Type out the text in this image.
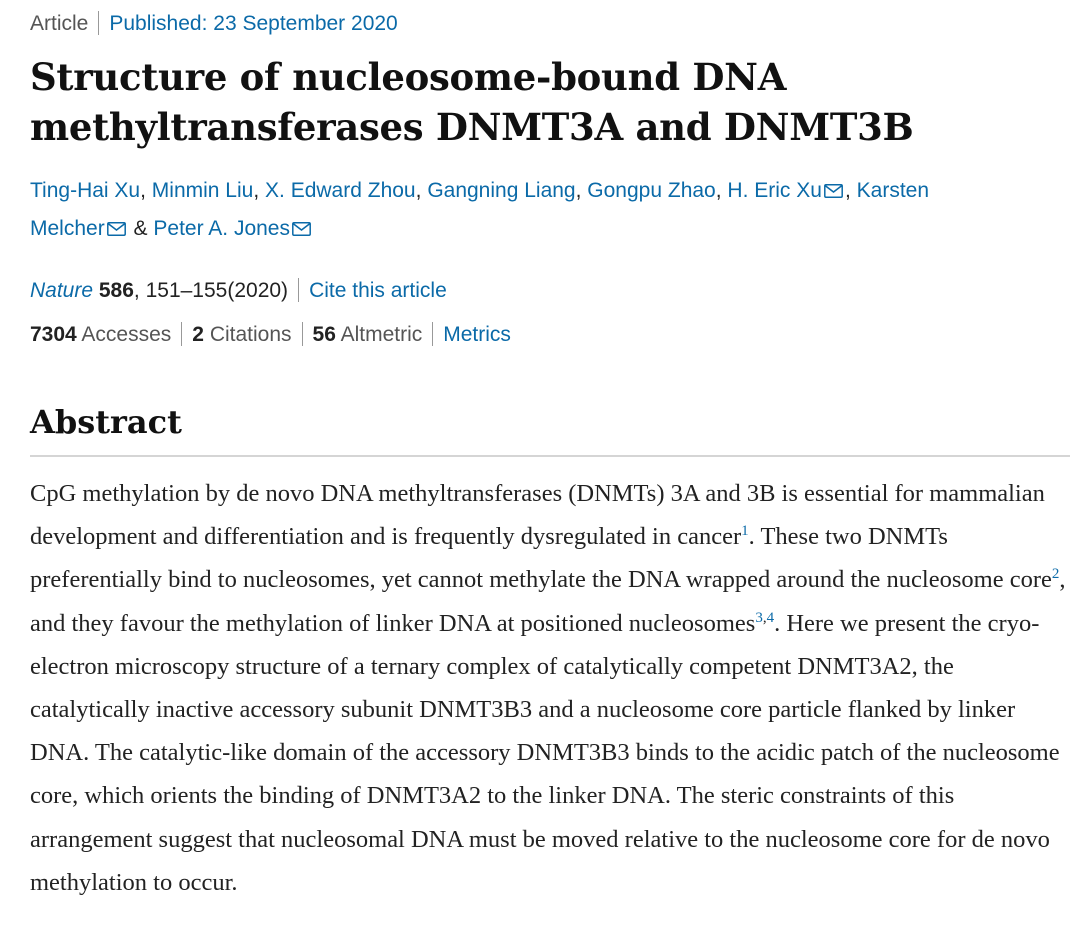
Article Published: 23 September 2020
Structure of nucleosome-bound DNA
methyltransferases DNMT3A and DNMT3B
Ting-Hai Xu, Minmin Liu, X. Edward Zhou, Gangning Liang, Gongpu Zhao, H. Eric Xu , Karsten
Melcher & Peter A. Jones
Nature 586, 151–155(2020) Cite this article
7304 Accesses 2 Citations 56 Altmetric Metrics
Abstract

CpG methylation by de novo DNA methyltransferases (DNMTs) 3A and 3B is essential for mammalian development and differentiation and is frequently dysregulated in cancer$^1$. These two DNMTs preferentially bind to nucleosomes, yet cannot methylate the DNA wrapped around the nucleosome core$^2$, and they favour the methylation of linker DNA at positioned nucleosomes$^{3,4}$. Here we present the cryo-electron microscopy structure of a ternary complex of catalytically competent DNMT3A2, the catalytically inactive accessory subunit DNMT3B3 and a nucleosome core particle flanked by linker DNA. The catalytic-like domain of the accessory DNMT3B3 binds to the acidic patch of the nucleosome core, which orients the binding of DNMT3A2 to the linker DNA. The steric constraints of this arrangement suggest that nucleosomal DNA must be moved relative to the nucleosome core for de novo methylation to occur.
